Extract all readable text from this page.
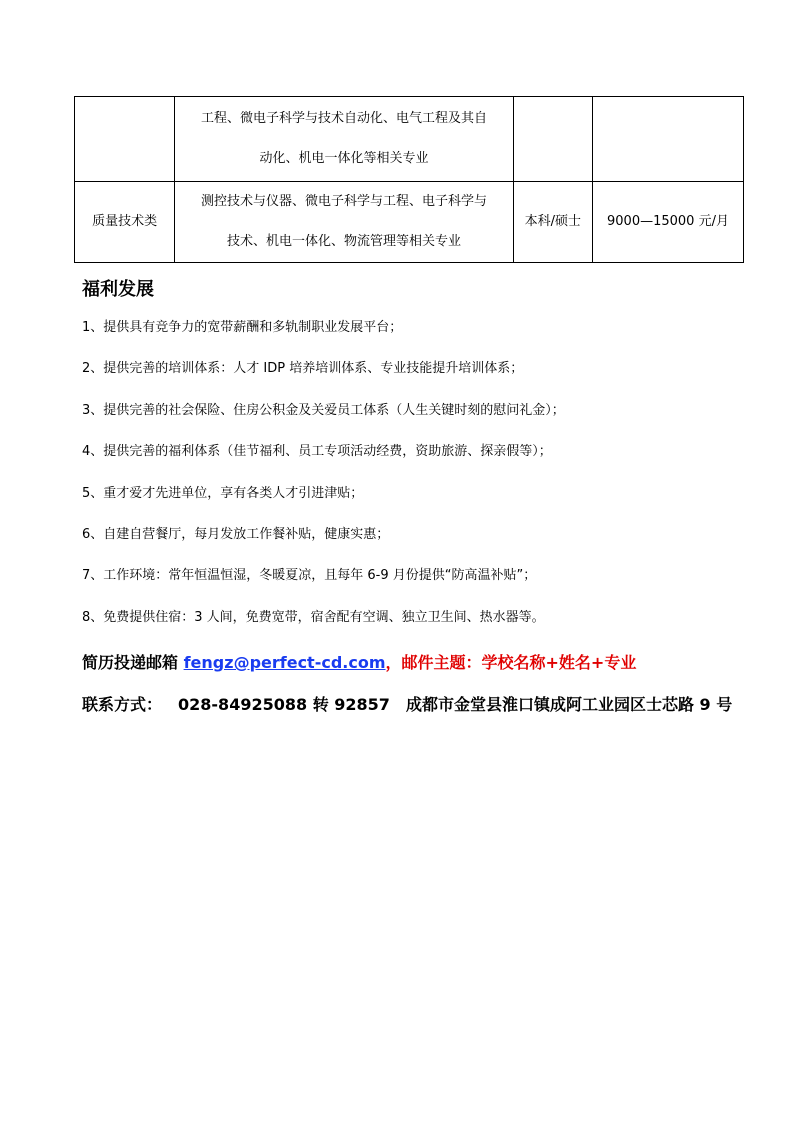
	工程、微电子科学与技术自动化、电气工程及其自
动化、机电一体化等相关专业		

质量技术类	测控技术与仪器、微电子科学与工程、电子科学与
技术、机电一体化、物流管理等相关专业	本科/硕士	9000—15000 元/月
福利发展
1、提供具有竞争力的宽带薪酬和多轨制职业发展平台；
2、提供完善的培训体系：人才 IDP 培养培训体系、专业技能提升培训体系；
3、提供完善的社会保险、住房公积金及关爱员工体系（人生关键时刻的慰问礼金）；
4、提供完善的福利体系（佳节福利、员工专项活动经费，资助旅游、探亲假等）；
5、重才爱才先进单位，享有各类人才引进津贴；
6、自建自营餐厅，每月发放工作餐补贴，健康实惠；
7、工作环境：常年恒温恒湿，冬暖夏凉，且每年 6-9 月份提供“防高温补贴”；
8、免费提供住宿：3 人间，免费宽带，宿舍配有空调、独立卫生间、热水器等。
简历投递邮箱 fengz@perfect-cd.com，邮件主题：学校名称+姓名+专业
联系方式： 028-84925088 转 92857 成都市金堂县淮口镇成阿工业园区士芯路 9 号
